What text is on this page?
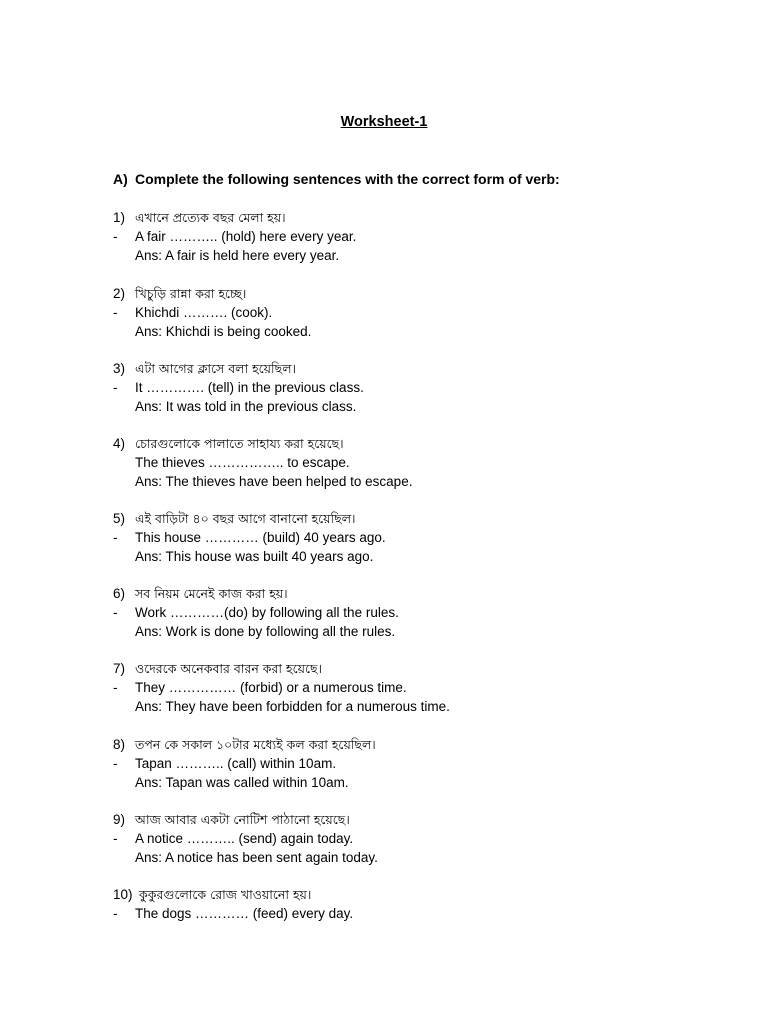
Worksheet-1
A) Complete the following sentences with the correct form of verb:
1) এখানে প্রত্যেক বছর মেলা হয়।
- A fair ……….. (hold) here every year.
Ans: A fair is held here every year.
2) খিচুড়ি রান্না করা হচ্ছে।
- Khichdi ………. (cook).
Ans: Khichdi is being cooked.
3) এটা আগের ক্লাসে বলা হয়েছিল।
- It …………. (tell) in the previous class.
Ans: It was told in the previous class.
4) চোরগুলোকে পালাতে সাহায্য করা হয়েছে।
The thieves …………….. to escape.
Ans: The thieves have been helped to escape.
5) এই বাড়িটা ৪০ বছর আগে বানানো হয়েছিল।
- This house ………… (build) 40 years ago.
Ans: This house was built 40 years ago.
6) সব নিয়ম মেনেই কাজ করা হয়।
- Work …………(do) by following all the rules.
Ans: Work is done by following all the rules.
7) ওদেরকে অনেকবার বারন করা হয়েছে।
- They …………… (forbid) or a numerous time.
Ans: They have been forbidden for a numerous time.
8) তপন কে সকাল ১০টার মধ্যেই কল করা হয়েছিল।
- Tapan ……….. (call) within 10am.
Ans: Tapan was called within 10am.
9) আজ আবার একটা নোটিশ পাঠানো হয়েছে।
- A notice ……….. (send) again today.
Ans: A notice has been sent again today.
10) কুকুরগুলোকে রোজ খাওয়ানো হয়।
- The dogs ………… (feed) every day.
